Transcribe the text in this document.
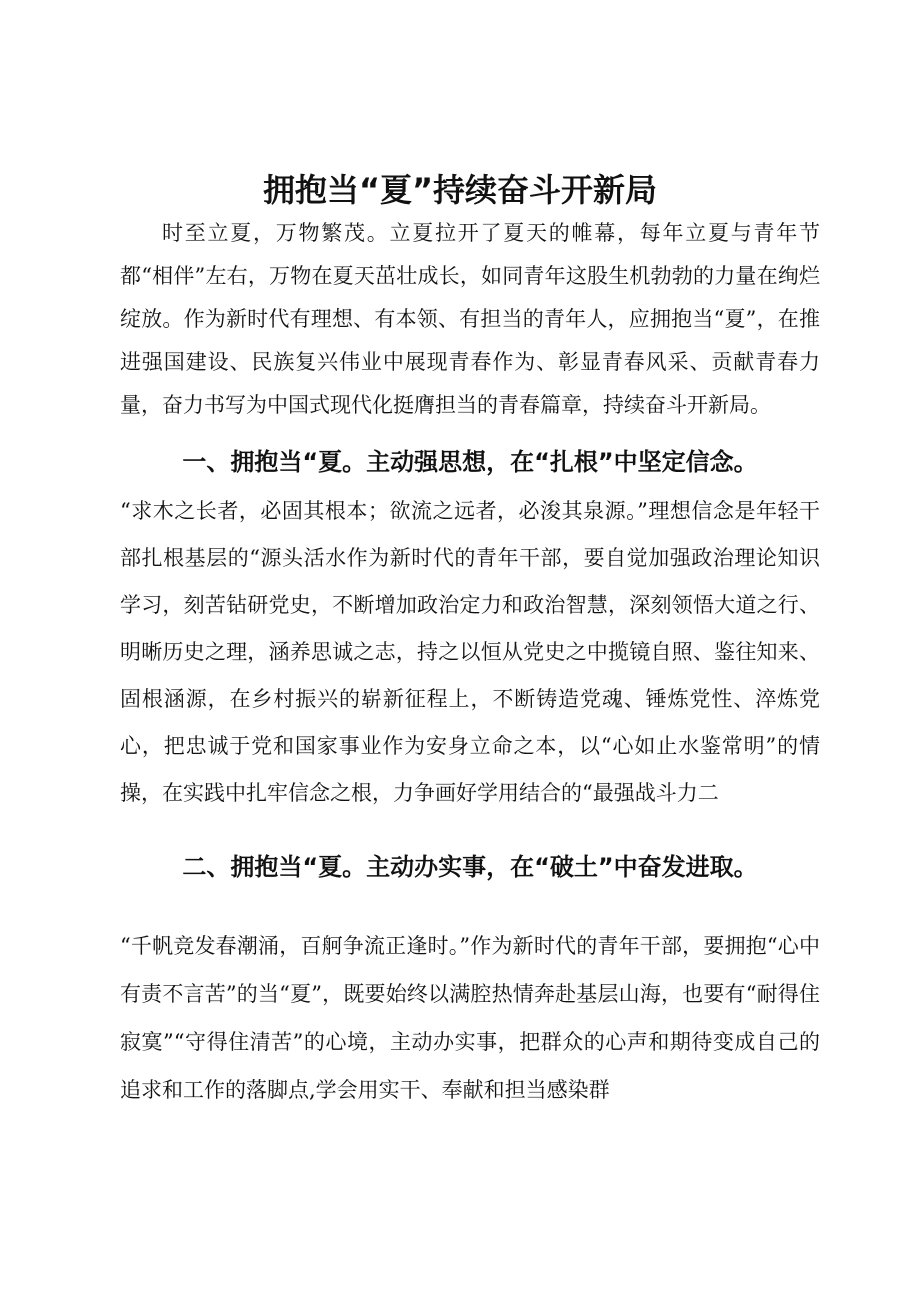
拥抱当“夏”持续奋斗开新局

时至立夏，万物繁茂。立夏拉开了夏天的帷幕，每年立夏与青年节都“相伴”左右，万物在夏天茁壮成长，如同青年这股生机勃勃的力量在绚烂绽放。作为新时代有理想、有本领、有担当的青年人，应拥抱当“夏”，在推进强国建设、民族复兴伟业中展现青春作为、彰显青春风采、贡献青春力量，奋力书写为中国式现代化挺膺担当的青春篇章，持续奋斗开新局。

一、拥抱当“夏。主动强思想，在“扎根”中坚定信念。

“求木之长者，必固其根本；欲流之远者，必浚其泉源。”理想信念是年轻干部扎根基层的“源头活水作为新时代的青年干部，要自觉加强政治理论知识学习，刻苦钻研党史，不断增加政治定力和政治智慧，深刻领悟大道之行、明晰历史之理，涵养思诚之志，持之以恒从党史之中揽镜自照、鉴往知来、固根涵源，在乡村振兴的崭新征程上，不断铸造党魂、锤炼党性、淬炼党心，把忠诚于党和国家事业作为安身立命之本，以“心如止水鉴常明”的情操，在实践中扎牢信念之根，力争画好学用结合的“最强战斗力二

二、拥抱当“夏。主动办实事，在“破土”中奋发进取。

“千帆竞发春潮涌，百舸争流正逢时。”作为新时代的青年干部，要拥抱“心中有责不言苦”的当“夏”，既要始终以满腔热情奔赴基层山海，也要有“耐得住寂寞”“守得住清苦”的心境，主动办实事，把群众的心声和期待变成自己的追求和工作的落脚点,学会用实干、奉献和担当感染群
